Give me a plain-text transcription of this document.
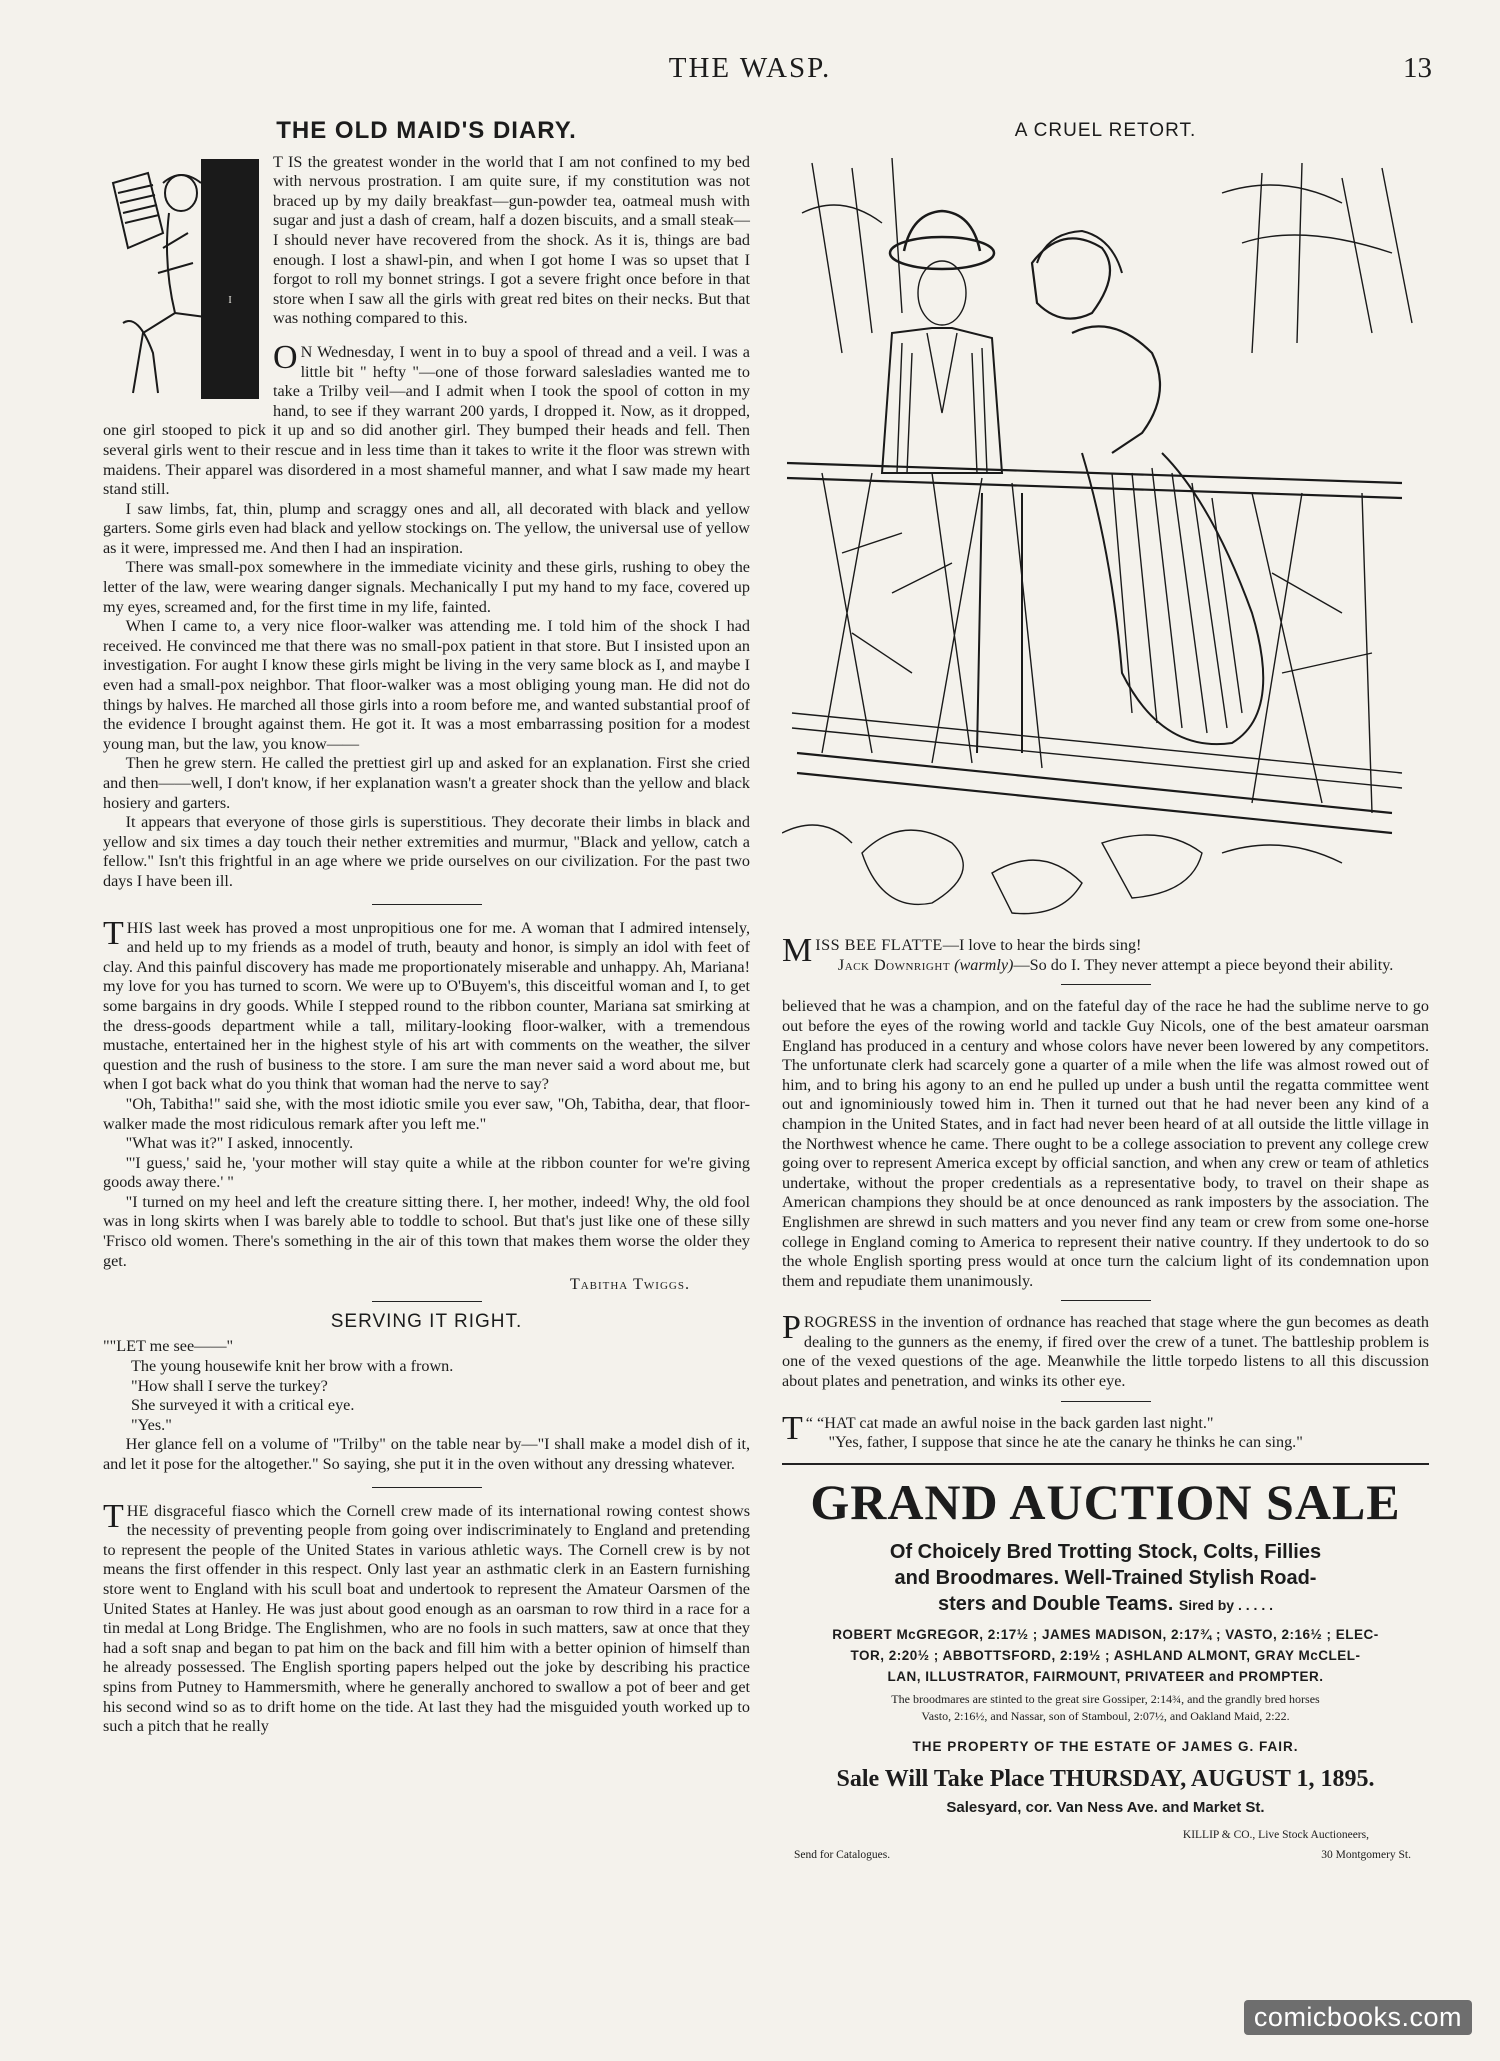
THE WASP.	13
THE OLD MAID'S DIARY.
I

T IS the greatest wonder in the world that I am not confined to my bed with nervous prostration. I am quite sure, if my constitution was not braced up by my daily breakfast—gun-powder tea, oatmeal mush with sugar and just a dash of cream, half a dozen biscuits, and a small steak—I should never have recovered from the shock. As it is, things are bad enough. I lost a shawl-pin, and when I got home I was so upset that I forgot to roll my bonnet strings. I got a severe fright once before in that store when I saw all the girls with great red bites on their necks. But that was nothing compared to this.

O N Wednesday, I went in to buy a spool of thread and a veil. I was a little bit " hefty "—one of those forward salesladies wanted me to take a Trilby veil—and I admit when I took the spool of cotton in my hand, to see if they warrant 200 yards, I dropped it. Now, as it dropped, one girl stooped to pick it up and so did another girl. They bumped their heads and fell. Then several girls went to their rescue and in less time than it takes to write it the floor was strewn with maidens. Their apparel was disordered in a most shameful manner, and what I saw made my heart stand still.

I saw limbs, fat, thin, plump and scraggy ones and all, all decorated with black and yellow garters. Some girls even had black and yellow stockings on. The yellow, the universal use of yellow as it were, impressed me. And then I had an inspiration.

There was small-pox somewhere in the immediate vicinity and these girls, rushing to obey the letter of the law, were wearing danger signals. Mechanically I put my hand to my face, covered up my eyes, screamed and, for the first time in my life, fainted.

When I came to, a very nice floor-walker was attending me. I told him of the shock I had received. He convinced me that there was no small-pox patient in that store. But I insisted upon an investigation. For aught I know these girls might be living in the very same block as I, and maybe I even had a small-pox neighbor. That floor-walker was a most obliging young man. He did not do things by halves. He marched all those girls into a room before me, and wanted substantial proof of the evidence I brought against them. He got it. It was a most embarrassing position for a modest young man, but the law, you know——

Then he grew stern. He called the prettiest girl up and asked for an explanation. First she cried and then——well, I don't know, if her explanation wasn't a greater shock than the yellow and black hosiery and garters.

It appears that everyone of those girls is superstitious. They decorate their limbs in black and yellow and six times a day touch their nether extremities and murmur, "Black and yellow, catch a fellow." Isn't this frightful in an age where we pride ourselves on our civilization. For the past two days I have been ill.

THIS last week has proved a most unpropitious one for me. A woman that I admired intensely, and held up to my friends as a model of truth, beauty and honor, is simply an idol with feet of clay. And this painful discovery has made me proportionately miserable and unhappy. Ah, Mariana! my love for you has turned to scorn. We were up to O'Buyem's, this disceitful woman and I, to get some bargains in dry goods. While I stepped round to the ribbon counter, Mariana sat smirking at the dress-goods department while a tall, military-looking floor-walker, with a tremendous mustache, entertained her in the highest style of his art with comments on the weather, the silver question and the rush of business to the store. I am sure the man never said a word about me, but when I got back what do you think that woman had the nerve to say?

"Oh, Tabitha!" said she, with the most idiotic smile you ever saw, "Oh, Tabitha, dear, that floor-walker made the most ridiculous remark after you left me."

"What was it?" I asked, innocently.

"'I guess,' said he, 'your mother will stay quite a while at the ribbon counter for we're giving goods away there.' "

"I turned on my heel and left the creature sitting there. I, her mother, indeed! Why, the old fool was in long skirts when I was barely able to toddle to school. But that's just like one of these silly 'Frisco old women. There's something in the air of this town that makes them worse the older they get.

Tabitha Twiggs.
SERVING IT RIGHT.

""LET me see——"

The young housewife knit her brow with a frown.

"How shall I serve the turkey?

She surveyed it with a critical eye.

"Yes."

Her glance fell on a volume of "Trilby" on the table near by—"I shall make a model dish of it, and let it pose for the altogether." So saying, she put it in the oven without any dressing whatever.

THE disgraceful fiasco which the Cornell crew made of its international rowing contest shows the necessity of preventing people from going over indiscriminately to England and pretending to represent the people of the United States in various athletic ways. The Cornell crew is by not means the first offender in this respect. Only last year an asthmatic clerk in an Eastern furnishing store went to England with his scull boat and undertook to represent the Amateur Oarsmen of the United States at Hanley. He was just about good enough as an oarsman to row third in a race for a tin medal at Long Bridge. The Englishmen, who are no fools in such matters, saw at once that they had a soft snap and began to pat him on the back and fill him with a better opinion of himself than he already possessed. The English sporting papers helped out the joke by describing his practice spins from Putney to Hammersmith, where he generally anchored to swallow a pot of beer and get his second wind so as to drift home on the tide. At last they had the misguided youth worked up to such a pitch that he really

A CRUEL RETORT.

MISS BEE FLATTE—I love to hear the birds sing!

Jack Downright (warmly)—So do I. They never attempt a piece beyond their ability.

believed that he was a champion, and on the fateful day of the race he had the sublime nerve to go out before the eyes of the rowing world and tackle Guy Nicols, one of the best amateur oarsman England has produced in a century and whose colors have never been lowered by any competitors. The unfortunate clerk had scarcely gone a quarter of a mile when the life was almost rowed out of him, and to bring his agony to an end he pulled up under a bush until the regatta committee went out and ignominiously towed him in. Then it turned out that he had never been any kind of a champion in the United States, and in fact had never been heard of at all outside the little village in the Northwest whence he came. There ought to be a college association to prevent any college crew going over to represent America except by official sanction, and when any crew or team of athletics undertake, without the proper credentials as a representative body, to travel on their shape as American champions they should be at once denounced as rank imposters by the association. The Englishmen are shrewd in such matters and you never find any team or crew from some one-horse college in England coming to America to represent their native country. If they undertook to do so the whole English sporting press would at once turn the calcium light of its condemnation upon them and repudiate them unanimously.

PROGRESS in the invention of ordnance has reached that stage where the gun becomes as death dealing to the gunners as the enemy, if fired over the crew of a tunet. The battleship problem is one of the vexed questions of the age. Meanwhile the little torpedo listens to all this discussion about plates and penetration, and winks its other eye.

“ “
T HAT cat made an awful noise in the back garden last night."

"Yes, father, I suppose that since he ate the canary he thinks he can sing."

GRAND AUCTION SALE
Of Choicely Bred Trotting Stock, Colts, Fillies
and Broodmares. Well-Trained Stylish Road-
sters and Double Teams. Sired by . . . . .
ROBERT McGREGOR, 2:17½ ; JAMES MADISON, 2:17¾ ; VASTO, 2:16½ ; ELEC-
TOR, 2:20½ ; ABBOTTSFORD, 2:19½ ; ASHLAND ALMONT, GRAY McCLEL-
LAN, ILLUSTRATOR, FAIRMOUNT, PRIVATEER and PROMPTER.
The broodmares are stinted to the great sire Gossiper, 2:14¾, and the grandly bred horses
Vasto, 2:16½, and Nassar, son of Stamboul, 2:07½, and Oakland Maid, 2:22.
THE PROPERTY OF THE ESTATE OF JAMES G. FAIR.
Sale Will Take Place THURSDAY, AUGUST 1, 1895.
Salesyard, cor. Van Ness Ave. and Market St.
KILLIP & CO., Live Stock Auctioneers,
Send for Catalogues.	30 Montgomery St.
comicbooks.com
